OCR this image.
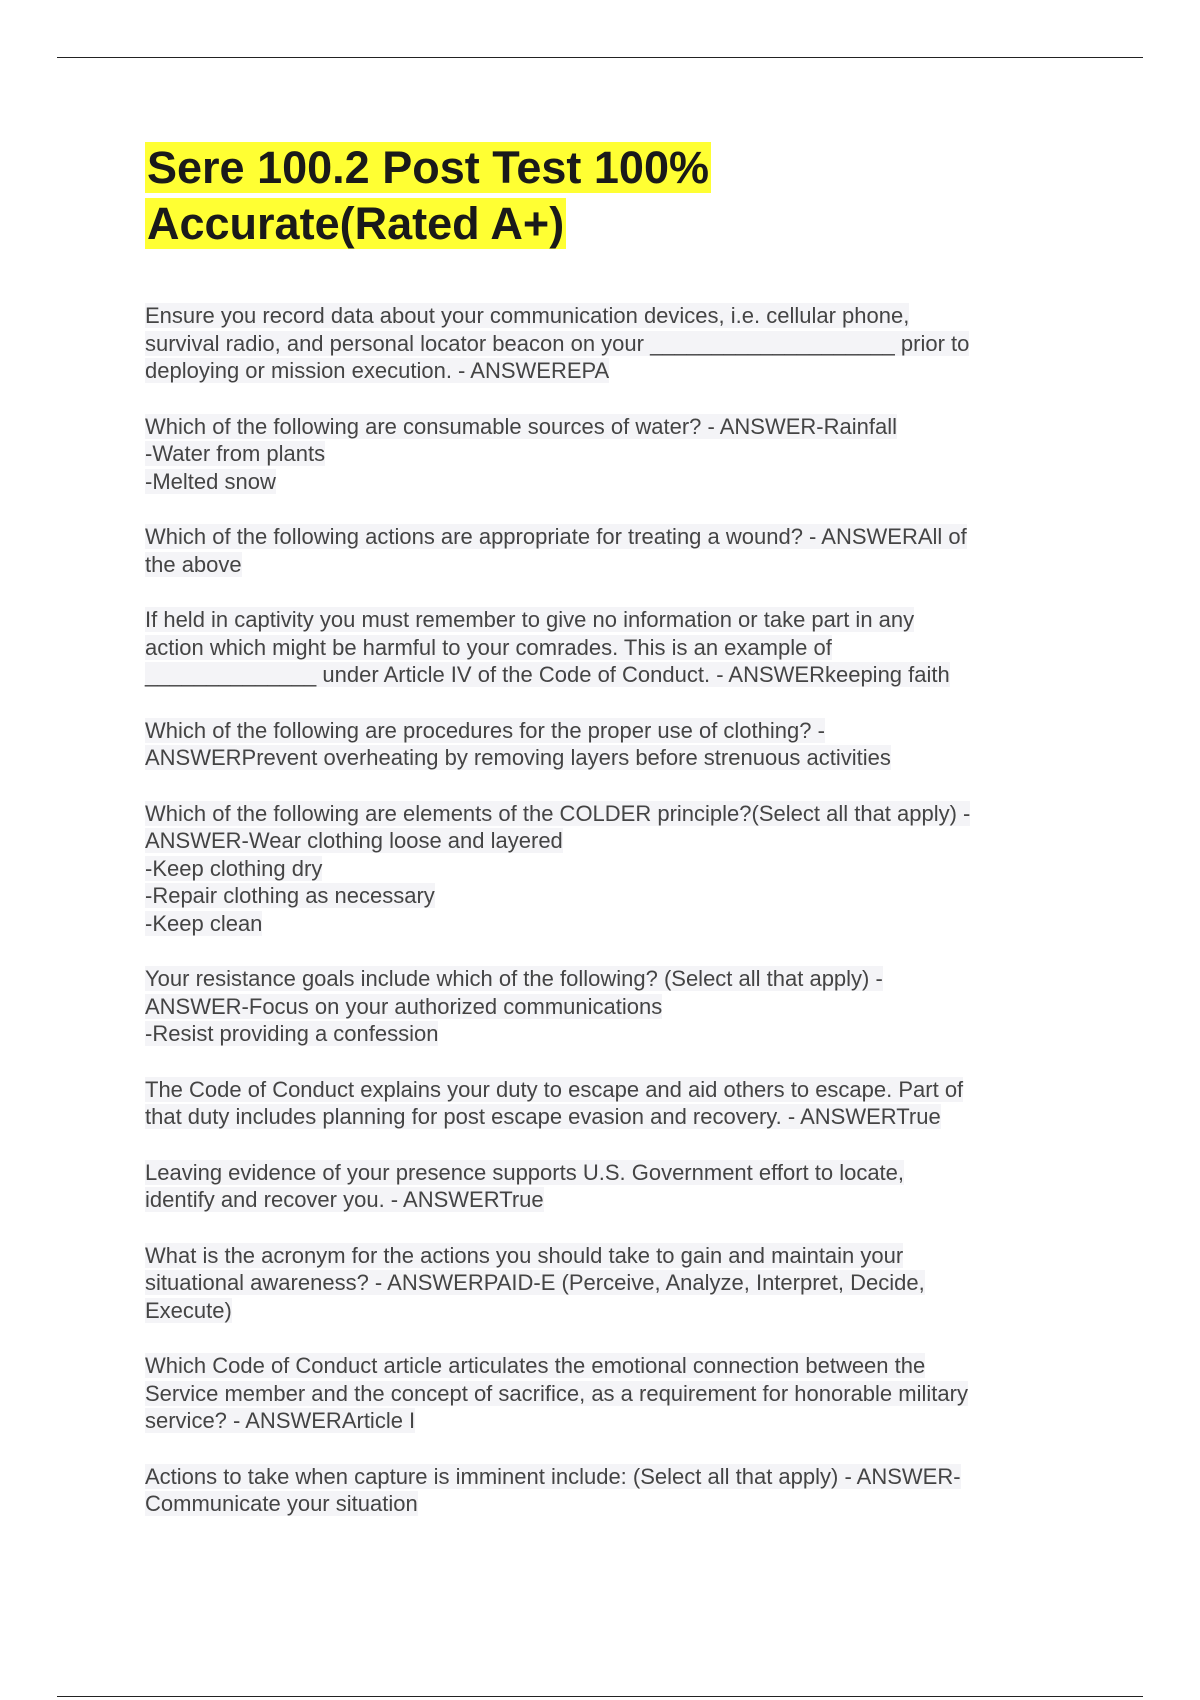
Sere 100.2 Post Test 100%
Accurate(Rated A+)

Ensure you record data about your communication devices, i.e. cellular phone,
survival radio, and personal locator beacon on your ____________________ prior to
deploying or mission execution. - ANSWEREPA

Which of the following are consumable sources of water? - ANSWER-Rainfall
-Water from plants
-Melted snow

Which of the following actions are appropriate for treating a wound? - ANSWERAll of
the above

If held in captivity you must remember to give no information or take part in any
action which might be harmful to your comrades. This is an example of
______________ under Article IV of the Code of Conduct. - ANSWERkeeping faith

Which of the following are procedures for the proper use of clothing? -
ANSWERPrevent overheating by removing layers before strenuous activities

Which of the following are elements of the COLDER principle?(Select all that apply) -
ANSWER-Wear clothing loose and layered
-Keep clothing dry
-Repair clothing as necessary
-Keep clean

Your resistance goals include which of the following? (Select all that apply) -
ANSWER-Focus on your authorized communications
-Resist providing a confession

The Code of Conduct explains your duty to escape and aid others to escape. Part of
that duty includes planning for post escape evasion and recovery. - ANSWERTrue

Leaving evidence of your presence supports U.S. Government effort to locate,
identify and recover you. - ANSWERTrue

What is the acronym for the actions you should take to gain and maintain your
situational awareness? - ANSWERPAID-E (Perceive, Analyze, Interpret, Decide,
Execute)

Which Code of Conduct article articulates the emotional connection between the
Service member and the concept of sacrifice, as a requirement for honorable military
service? - ANSWERArticle I

Actions to take when capture is imminent include: (Select all that apply) - ANSWER-
Communicate your situation
